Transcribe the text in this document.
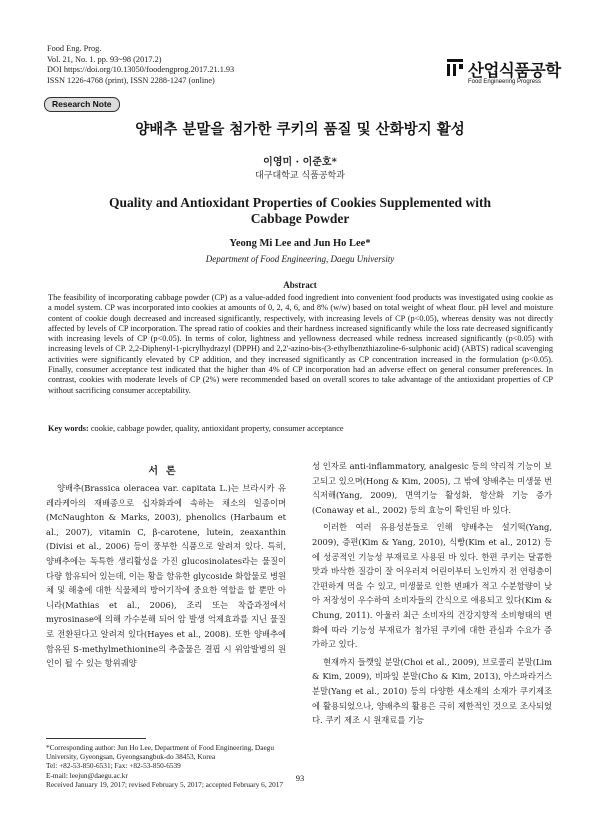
Food Eng. Prog.
Vol. 21, No. 1. pp. 93~98 (2017.2)
DOI https://doi.org/10.13050/foodengprog.2017.21.1.93
ISSN 1226-4768 (print), ISSN 2288-1247 (online)
산업식품공학
Food Engineering Progress
Research Note
양배추 분말을 첨가한 쿠키의 품질 및 산화방지 활성
이영미 · 이준호*
대구대학교 식품공학과
Quality and Antioxidant Properties of Cookies Supplemented with
Cabbage Powder
Yeong Mi Lee and Jun Ho Lee*
Department of Food Engineering, Daegu University
Abstract
The feasibility of incorporating cabbage powder (CP) as a value-added food ingredient into convenient food products was investigated using cookie as a model system. CP was incorporated into cookies at amounts of 0, 2, 4, 6, and 8% (w/w) based on total weight of wheat flour. pH level and moisture content of cookie dough decreased and increased significantly, respectively, with increasing levels of CP (p<0.05), whereas density was not directly affected by levels of CP incorporation. The spread ratio of cookies and their hardness increased significantly while the loss rate decreased significantly with increasing levels of CP (p<0.05). In terms of color, lightness and yellowness decreased while redness increased significantly (p<0.05) with increasing levels of CP. 2,2-Diphenyl-1-picrylhydrazyl (DPPH) and 2,2'-azino-bis-(3-ethylbenzthiazoline-6-sulphonic acid) (ABTS) radical scavenging activities were significantly elevated by CP addition, and they increased significantly as CP concentration increased in the formulation (p<0.05). Finally, consumer acceptance test indicated that the higher than 4% of CP incorporation had an adverse effect on general consumer preferences. In contrast, cookies with moderate levels of CP (2%) were recommended based on overall scores to take advantage of the antioxidant properties of CP without sacrificing consumer acceptability.
Key words: cookie, cabbage powder, quality, antioxidant property, consumer acceptance
서론

양배추(Brassica oleracea var. capitata L.)는 브라시카 유레라케아의 재배종으로 십자화과에 속하는 채소의 일종이며(McNaughton & Marks, 2003), phenolics (Harbaum et al., 2007), vitamin C, β-carotene, lutein, zeaxanthin (Divisi et al., 2006) 등이 풍부한 식품으로 알려져 있다. 특히, 양배추에는 독특한 생리활성을 가진 glucosinolates라는 물질이 다량 함유되어 있는데, 이는 황을 함유한 glycoside 화합물로 병원체 및 해충에 대한 식물체의 방어기작에 중요한 역할을 할 뿐만 아니라(Mathias et al., 2006), 조리 또는 착즙과정에서 myrosinase에 의해 가수분해 되어 암 발생 억제효과를 지닌 물질로 전환된다고 알려져 있다(Hayes et al., 2008). 또한 양배추에 함유된 S-methylmethionine의 추출물은 결핍 시 위암발병의 원인이 될 수 있는 항위궤양

성 인자로 anti-inflammatory, analgesic 등의 약리적 기능이 보고되고 있으며(Hong & Kim, 2005), 그 밖에 양배추는 미생물 번식저해(Yang, 2009), 면역기능 활성화, 항산화 기능 증가(Conaway et al., 2002) 등의 효능이 확인된 바 있다.

이러한 여러 유용성분들로 인해 양배추는 설기떡(Yang, 2009), 증편(Kim & Yang, 2010), 식빵(Kim et al., 2012) 등에 성공적인 기능성 부재료로 사용된 바 있다. 한편 쿠키는 달콤한 맛과 바삭한 질감이 잘 어우러져 어린이부터 노인까지 전 연령층이 간편하게 먹을 수 있고, 미생물로 인한 변패가 적고 수분함량이 낮아 저장성이 우수하여 소비자들의 간식으로 애용되고 있다(Kim & Chung, 2011). 아울러 최근 소비자의 건강지향적 소비형태의 변화에 따라 기능성 부재료가 첨가된 쿠키에 대한 관심과 수요가 증가하고 있다.

현재까지 들깻잎 분말(Choi et al., 2009), 브로콜리 분말(Lim & Kim, 2009), 비파잎 분말(Cho & Kim, 2013), 아스파라거스 분말(Yang et al., 2010) 등의 다양한 새소재의 소재가 쿠키제조에 활용되었으나, 양배추의 활용은 극히 제한적인 것으로 조사되었다. 쿠키 제조 시 원재료를 기능

*Corresponding author: Jun Ho Lee, Department of Food Engineering, Daegu University, Gyeongsan, Gyeongsangbuk-do 38453, Korea
Tel: +82-53-850-6531; Fax: +82-53-850-6539
E-mail: leejun@daegu.ac.kr
Received January 19, 2017; revised February 5, 2017; accepted February 6, 2017
93
